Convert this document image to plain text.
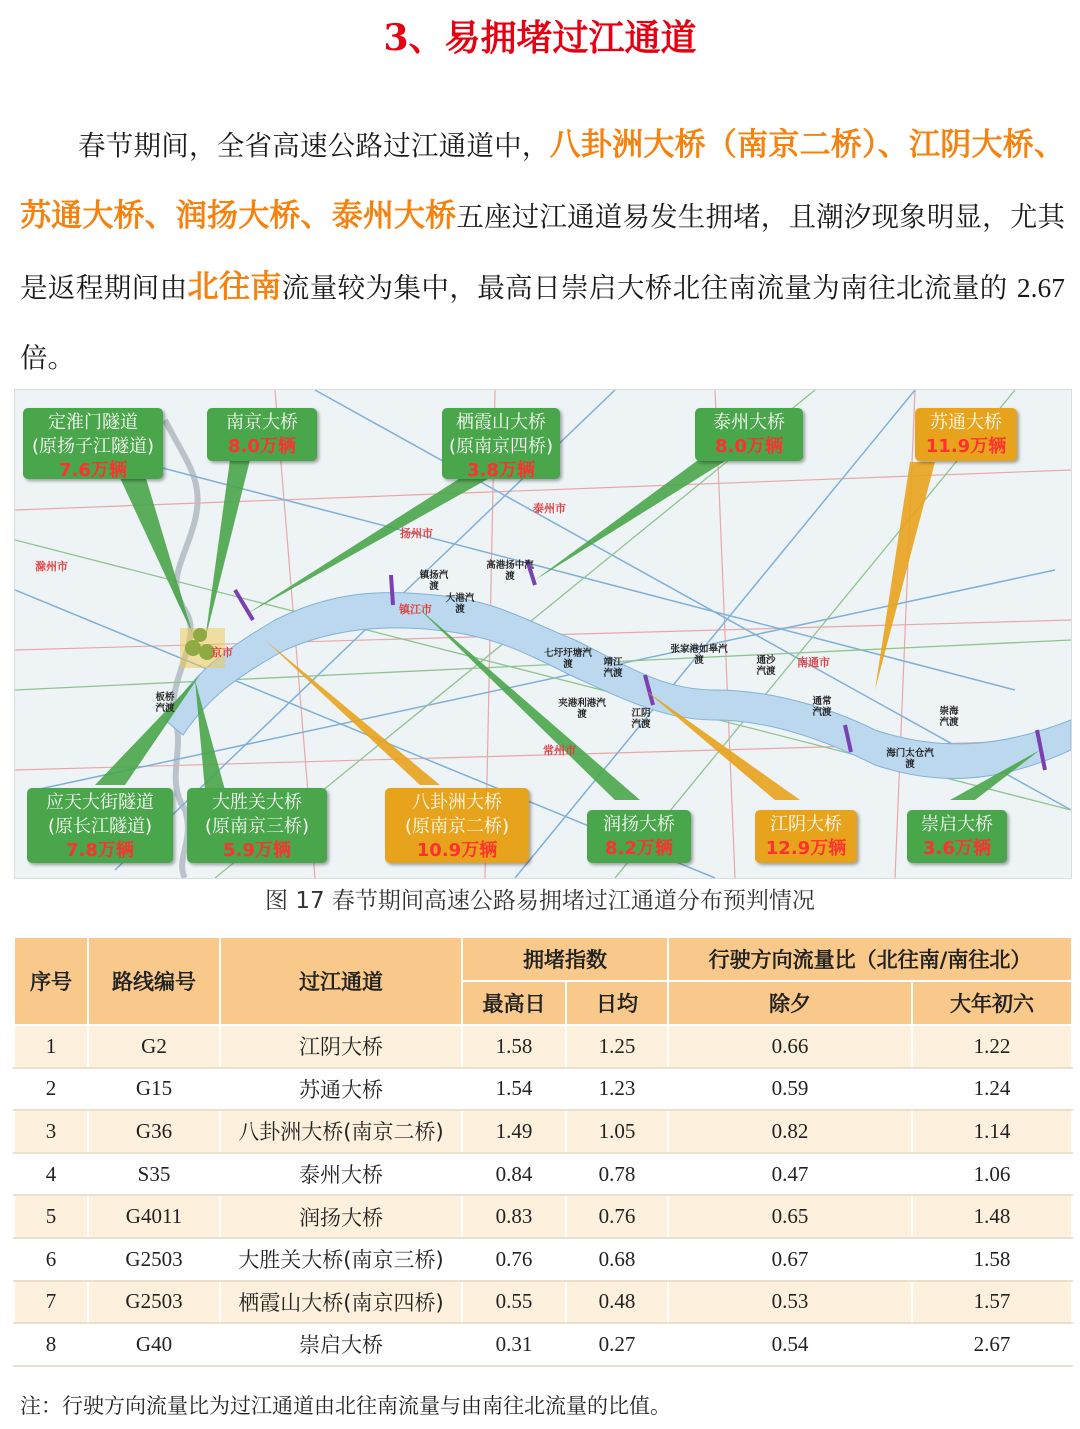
3、易拥堵过江通道
春节期间，全省高速公路过江通道中，八卦洲大桥（南京二桥）、江阴大桥、苏通大桥、润扬大桥、泰州大桥五座过江通道易发生拥堵，且潮汐现象明显，尤其是返程期间由北往南流量较为集中，最高日崇启大桥北往南流量为南往北流量的 2.67 倍。
滁州市
扬州市
泰州市
镇江市
南通市
常州市
京市
镇扬汽渡
大港汽渡
高港扬中汽渡
七圩圩塘汽渡	靖江汽渡
张家港如皋汽渡	通沙汽渡
夹港利港汽渡	江阴汽渡
通常汽渡	崇海汽渡
海门太仓汽渡
板桥汽渡
定淮门隧道
(原扬子江隧道)
7.6万辆
南京大桥
8.0万辆
栖霞山大桥
(原南京四桥)
3.8万辆
泰州大桥
8.0万辆
苏通大桥
11.9万辆
应天大街隧道
(原长江隧道)
7.8万辆
大胜关大桥
(原南京三桥)
5.9万辆
八卦洲大桥
(原南京二桥)
10.9万辆
润扬大桥
8.2万辆
江阴大桥
12.9万辆
崇启大桥
3.6万辆
图 17 春节期间高速公路易拥堵过江通道分布预判情况
序号	路线编号	过江通道	拥堵指数		行驶方向流量比（北往南/南往北）	
			最高日	日均	除夕	大年初六
1	G2	江阴大桥	1.58	1.25	0.66	1.22
2	G15	苏通大桥	1.54	1.23	0.59	1.24
3	G36	八卦洲大桥(南京二桥)	1.49	1.05	0.82	1.14
4	S35	泰州大桥	0.84	0.78	0.47	1.06
5	G4011	润扬大桥	0.83	0.76	0.65	1.48
6	G2503	大胜关大桥(南京三桥)	0.76	0.68	0.67	1.58
7	G2503	栖霞山大桥(南京四桥)	0.55	0.48	0.53	1.57
8	G40	崇启大桥	0.31	0.27	0.54	2.67
注：行驶方向流量比为过江通道由北往南流量与由南往北流量的比值。
